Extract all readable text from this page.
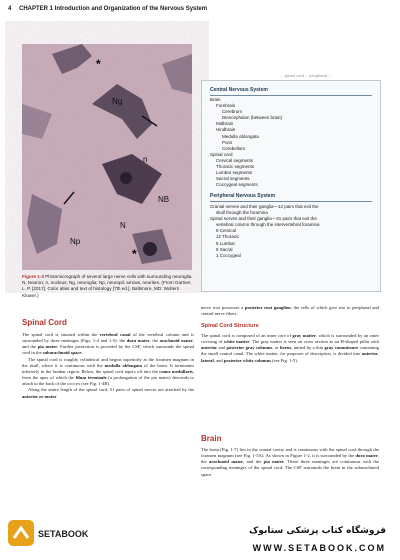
4 CHAPTER 1 Introduction and Organization of the Nervous System
*
Ng
n
NB
N
Np
*
Figure 1-3 Photomicrograph of several large nerve cells with surrounding neuroglia. N, Neuron; n, nucleus; Ng, neuroglia; Np, neuropil; arrows, neurites. (From Gartner, L. P. [2017]. Color atlas and text of histology [7th ed.]. Baltimore, MD: Wolters Kluwer.)
... spinal cord ... peripheral ...
Central Nervous System
Brain
Forebrain
Cerebrum
Diencephalon (between brain)
Midbrain
Hindbrain
Medulla oblongata
Pons
Cerebellum
Spinal cord
Cervical segments
Thoracic segments
Lumbar segments
Sacral segments
Coccygeal segments
Peripheral Nervous System
Cranial nerves and their ganglia—12 pairs that exit the
skull through the foramina
Spinal nerves and their ganglia—31 pairs that exit the
vertebral column through the intervertebral foramina
8 Cervical
12 Thoracic
5 Lumbar
5 Sacral
1 Coccygeal
Spinal Cord
The spinal cord is situated within the vertebral canal of the vertebral column and is surrounded by three meninges (Figs. 1-4 and 1-5): the dura mater, the arachnoid mater, and the pia mater. Further protection is provided by the CSF, which surrounds the spinal cord in the subarachnoid space.
The spinal cord is roughly cylindrical and begins superiorly at the foramen magnum in the skull, where it is continuous with the medulla oblongata of the brain. It terminates inferiorly in the lumbar region. Below, the spinal cord tapers off into the conus medullaris, from the apex of which the filum terminale (a prolongation of the pia mater) descends to attach to the back of the coccyx (see Fig. 1-4B).
Along the entire length of the spinal cord, 31 pairs of spinal nerves are attached by the anterior or motor
nerve root possesses a posterior root ganglion, the cells of which give rise to peripheral and central nerve fibers.
Spinal Cord Structure
The spinal cord is composed of an inner core of gray matter, which is surrounded by an outer covering of white matter. The gray matter is seen on cross section as an H-shaped pillar with anterior and posterior gray columns, or horns, united by a thin gray commissure containing the small central canal. The white matter, for purposes of description, is divided into anterior, lateral, and posterior white columns (see Fig. 1-5).
Brain
The brain (Fig. 1-7) lies in the cranial cavity and is continuous with the spinal cord through the foramen magnum (see Fig. 1-5A). As shown in Figure 1-2, it is surrounded by the dura mater, the arachnoid mater, and the pia mater. These three meninges are continuous with the corresponding meninges of the spinal cord. The CSF surrounds the brain in the subarachnoid space.
SETABOOK	فروشگاه کتاب پزشکی ستابوک
WWW.SETABOOK.COM
